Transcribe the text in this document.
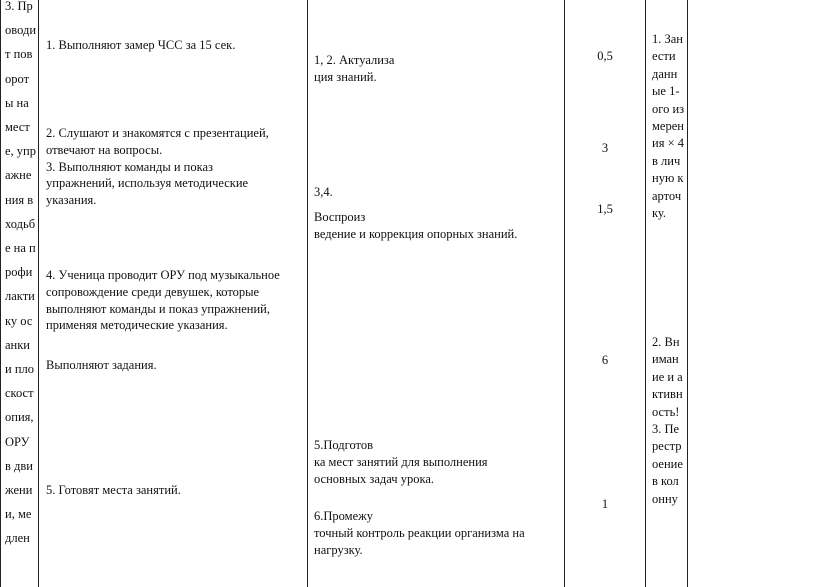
3. Проводит повороты на месте, упражнения в ходьбе на профилактику осанки и плоскостопия, ОРУ в движении, медлен

1. Выполняют замер ЧСС за 15 сек.

2. Слушают и знакомятся с презентацией,

отвечают на вопросы.

3. Выполняют команды и показ

упражнений, используя методические

указания.

4. Ученица проводит ОРУ под музыкальное

сопровождение среди девушек, которые

выполняют команды и показ упражнений,

применяя методические указания.

Выполняют задания.

5. Готовят места занятий.

1, 2. Актуализа

ция знаний.

3,4.

Воспроиз

ведение и коррекция опорных знаний.

5.Подготов

ка мест занятий для выполнения

основных задач урока.

6.Промежу

точный контроль реакции организма на

нагрузку.

0,5
3
1,5
6
1
1. Занести данные 1-ого измерения × 4 в личную карточку.
2. Внимание и активность! 3. Перестроение в колонну
